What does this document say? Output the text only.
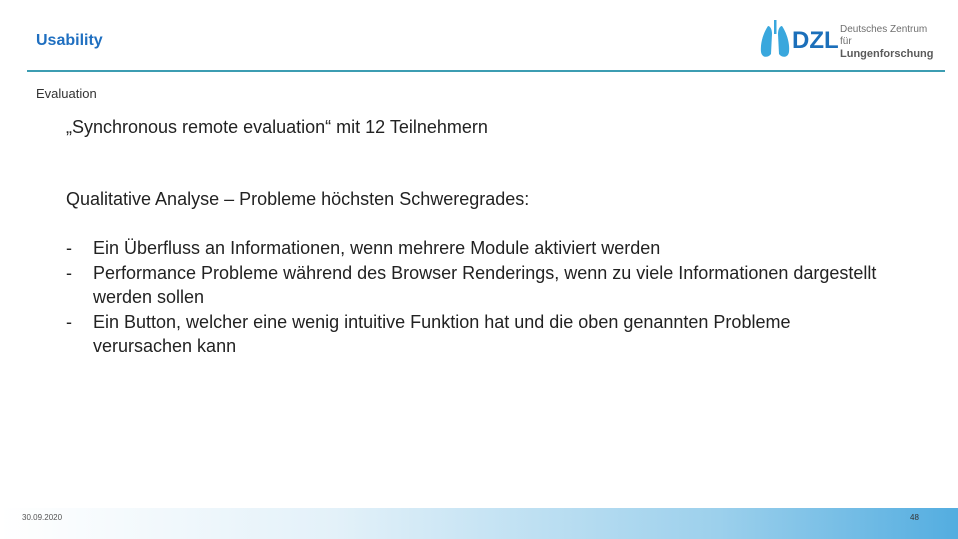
Usability	DZL Deutsches Zentrum für
Lungenforschung
Evaluation
„Synchronous remote evaluation“ mit 12 Teilnehmern
Qualitative Analyse – Probleme höchsten Schweregrades:
- Ein Überfluss an Informationen, wenn mehrere Module aktiviert werden
- Performance Probleme während des Browser Renderings, wenn zu viele Informationen dargestellt werden sollen
- Ein Button, welcher eine wenig intuitive Funktion hat und die oben genannten Probleme verursachen kann
30.09.2020	48
